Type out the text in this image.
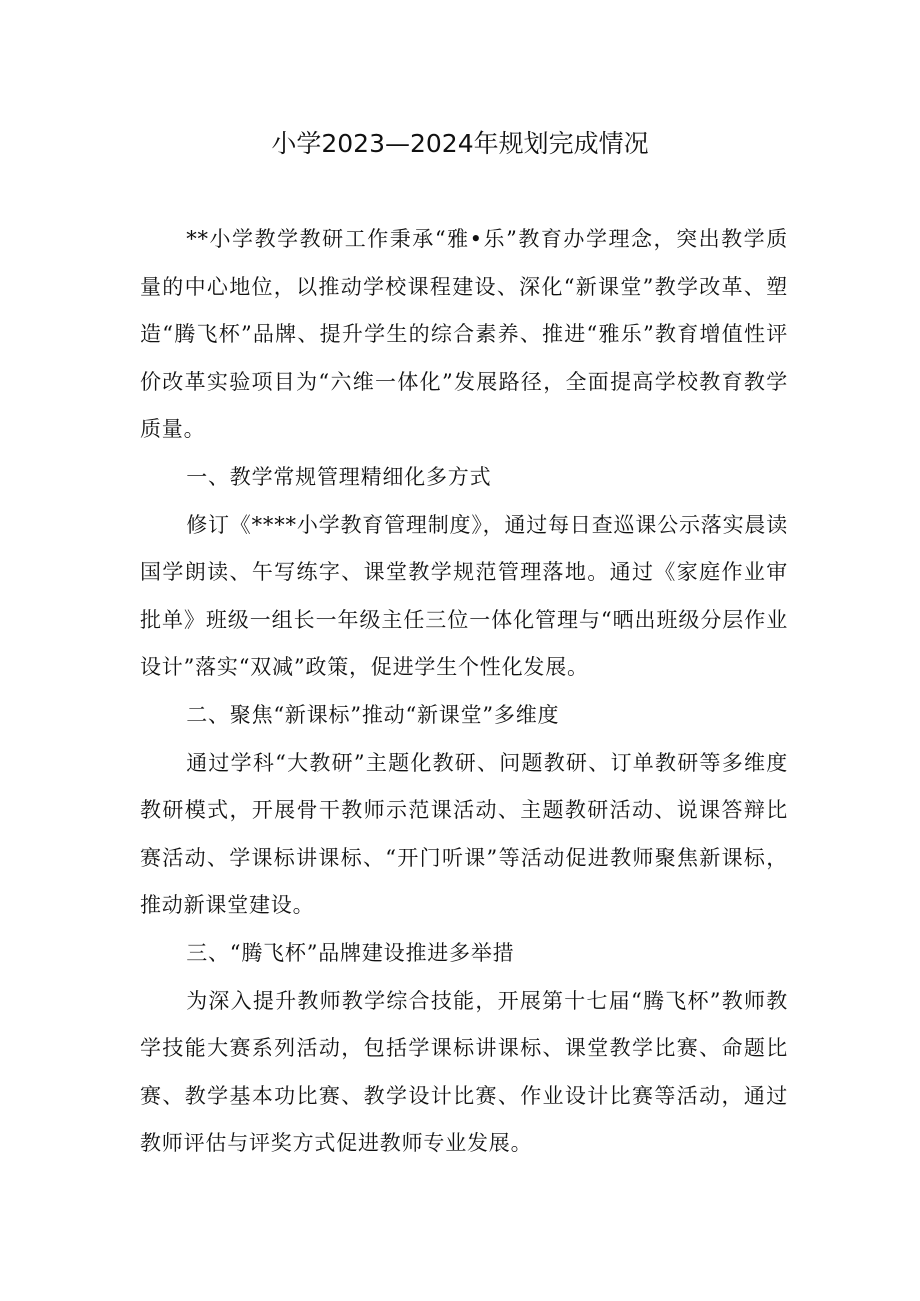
小学2023—2024年规划完成情况

**小学教学教研工作秉承“雅•乐”教育办学理念，突出教学质量的中心地位，以推动学校课程建设、深化“新课堂”教学改革、塑造“腾飞杯”品牌、提升学生的综合素养、推进“雅乐”教育增值性评价改革实验项目为“六维一体化”发展路径，全面提高学校教育教学质量。

一、教学常规管理精细化多方式

修订《****小学教育管理制度》，通过每日查巡课公示落实晨读国学朗读、午写练字、课堂教学规范管理落地。通过《家庭作业审批单》班级一组长一年级主任三位一体化管理与“晒出班级分层作业设计”落实“双减”政策，促进学生个性化发展。

二、聚焦“新课标”推动“新课堂”多维度

通过学科“大教研”主题化教研、问题教研、订单教研等多维度教研模式，开展骨干教师示范课活动、主题教研活动、说课答辩比赛活动、学课标讲课标、“开门听课”等活动促进教师聚焦新课标，推动新课堂建设。

三、“腾飞杯”品牌建设推进多举措

为深入提升教师教学综合技能，开展第十七届“腾飞杯”教师教学技能大赛系列活动，包括学课标讲课标、课堂教学比赛、命题比赛、教学基本功比赛、教学设计比赛、作业设计比赛等活动，通过教师评估与评奖方式促进教师专业发展。
